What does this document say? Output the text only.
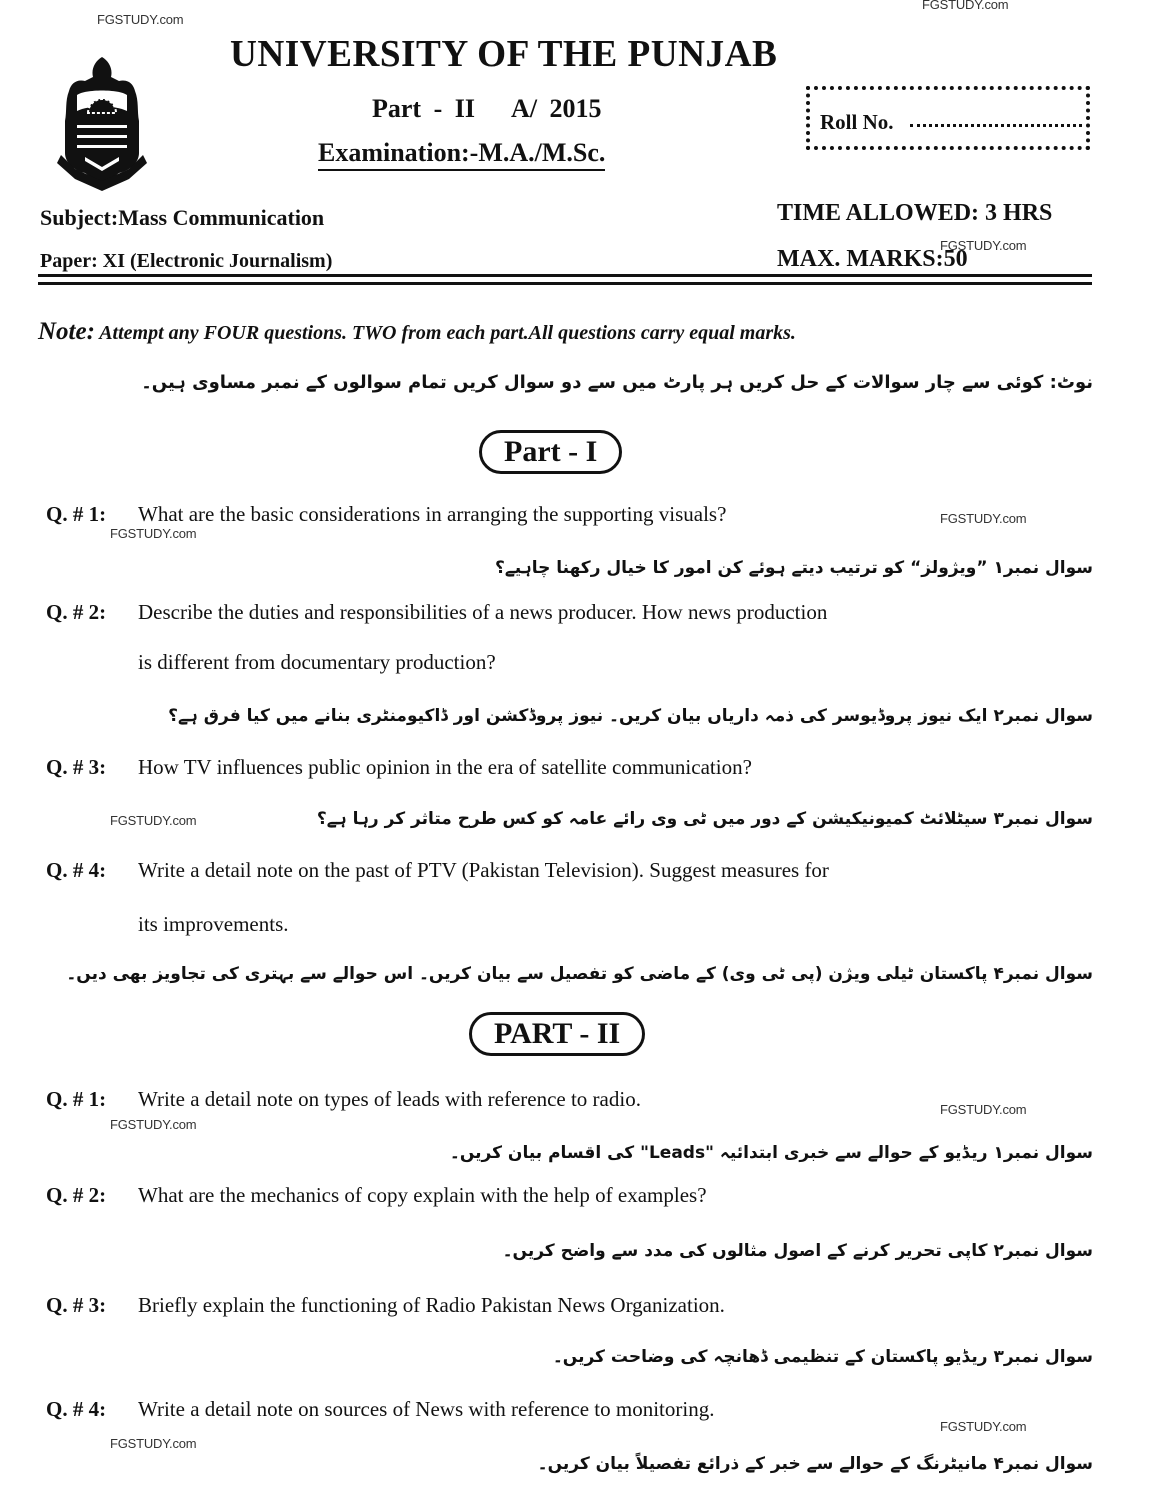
FGSTUDY.com
FGSTUDY.com
FGSTUDY.com
FGSTUDY.com
FGSTUDY.com
FGSTUDY.com
FGSTUDY.com
FGSTUDY.com
FGSTUDY.com
FGSTUDY.com
UNIVERSITY OF THE PUNJAB
Part - II   A/ 2015
Examination:-M.A./M.Sc.
Roll No.
Subject:Mass Communication
Paper: XI (Electronic Journalism)
TIME ALLOWED: 3 HRS
MAX. MARKS:50
Note: Attempt any FOUR questions. TWO from each part.All questions carry equal marks.
نوٹ: کوئی سے چار سوالات کے حل کریں ہر پارٹ میں سے دو سوال کریں تمام سوالوں کے نمبر مساوی ہیں۔
Part - I
Q. # 1: What are the basic considerations in arranging the supporting visuals?
سوال نمبر۱ ”ویژولز“ کو ترتیب دیتے ہوئے کن امور کا خیال رکھنا چاہیے؟
Q. # 2: Describe the duties and responsibilities of a news producer. How news production
is different from documentary production?
سوال نمبر۲ ایک نیوز پروڈیوسر کی ذمہ داریاں بیان کریں۔ نیوز پروڈکشن اور ڈاکیومنٹری بنانے میں کیا فرق ہے؟
Q. # 3: How TV influences public opinion in the era of satellite communication?
سوال نمبر۳ سیٹلائٹ کمیونیکیشن کے دور میں ٹی وی رائے عامہ کو کس طرح متاثر کر رہا ہے؟
Q. # 4: Write a detail note on the past of PTV (Pakistan Television). Suggest measures for
its improvements.
سوال نمبر۴ پاکستان ٹیلی ویژن (پی ٹی وی) کے ماضی کو تفصیل سے بیان کریں۔ اس حوالے سے بہتری کی تجاویز بھی دیں۔
PART - II
Q. # 1: Write a detail note on types of leads with reference to radio.
سوال نمبر۱ ریڈیو کے حوالے سے خبری ابتدائیہ "Leads" کی اقسام بیان کریں۔
Q. # 2: What are the mechanics of copy explain with the help of examples?
سوال نمبر۲ کاپی تحریر کرنے کے اصول مثالوں کی مدد سے واضح کریں۔
Q. # 3: Briefly explain the functioning of Radio Pakistan News Organization.
سوال نمبر۳ ریڈیو پاکستان کے تنظیمی ڈھانچہ کی وضاحت کریں۔
Q. # 4: Write a detail note on sources of News with reference to monitoring.
سوال نمبر۴ مانیٹرنگ کے حوالے سے خبر کے ذرائع تفصیلاً بیان کریں۔
